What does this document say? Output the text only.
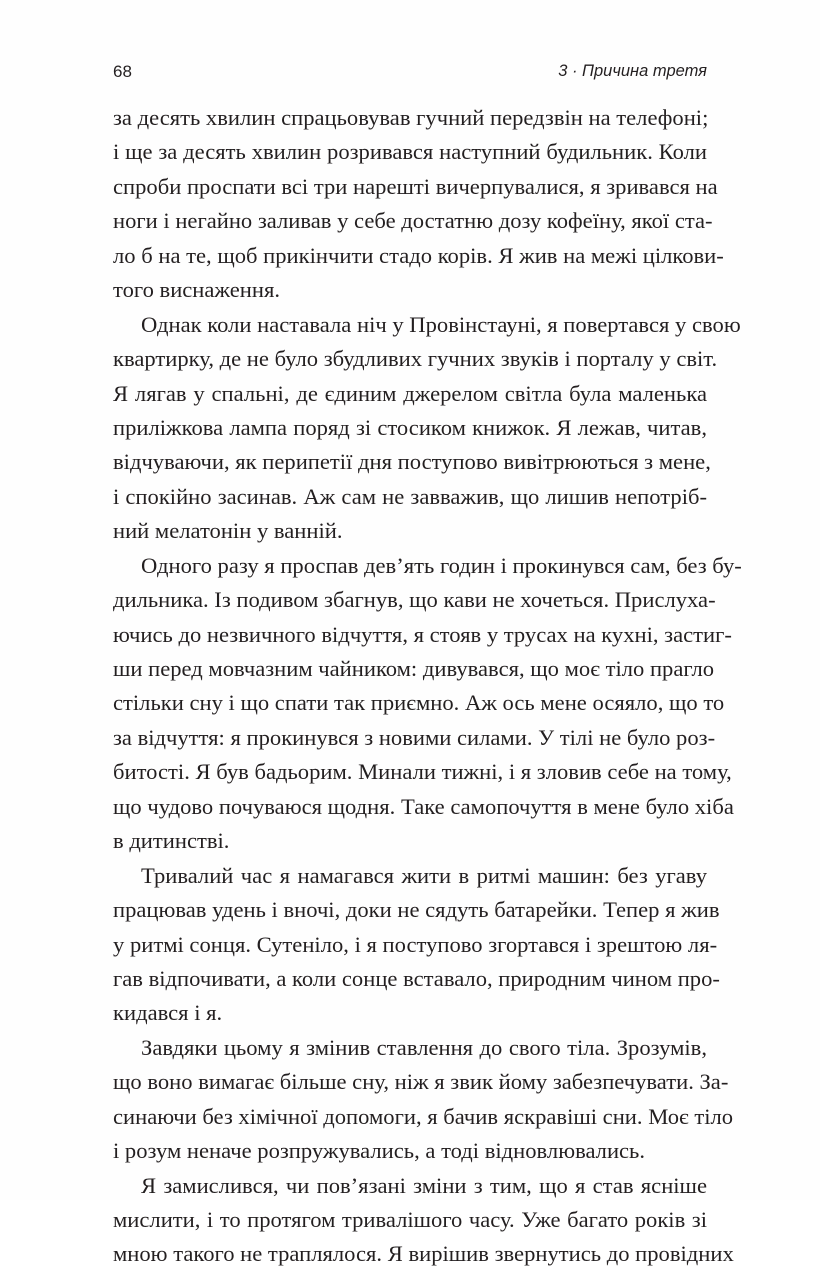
68	3 · Причина третя
за десять хвилин спрацьовував гучний передзвін на телефоні;
і ще за десять хвилин розривався наступний будильник. Коли
спроби проспати всі три нарешті вичерпувалися, я зривався на
ноги і негайно заливав у себе достатню дозу кофеїну, якої ста-
ло б на те, щоб прикінчити стадо корів. Я жив на межі цілкови-
того виснаження.
Однак коли наставала ніч у Провінстауні, я повертався у свою
квартирку, де не було збудливих гучних звуків і порталу у світ.
Я лягав у спальні, де єдиним джерелом світла була маленька
приліжкова лампа поряд зі стосиком книжок. Я лежав, читав,
відчуваючи, як перипетії дня поступово вивітрюються з мене,
і спокійно засинав. Аж сам не завважив, що лишив непотріб-
ний мелатонін у ванній.
Одного разу я проспав дев’ять годин і прокинувся сам, без бу-
дильника. Із подивом збагнув, що кави не хочеться. Прислуха-
ючись до незвичного відчуття, я стояв у трусах на кухні, застиг-
ши перед мовчазним чайником: дивувався, що моє тіло прагло
стільки сну і що спати так приємно. Аж ось мене осяяло, що то
за відчуття: я прокинувся з новими силами. У тілі не було роз-
битості. Я був бадьорим. Минали тижні, і я зловив себе на тому,
що чудово почуваюся щодня. Таке самопочуття в мене було хіба
в дитинстві.
Тривалий час я намагався жити в ритмі машин: без угаву
працював удень і вночі, доки не сядуть батарейки. Тепер я жив
у ритмі сонця. Сутеніло, і я поступово згортався і зрештою ля-
гав відпочивати, а коли сонце вставало, природним чином про-
кидався і я.
Завдяки цьому я змінив ставлення до свого тіла. Зрозумів,
що воно вимагає більше сну, ніж я звик йому забезпечувати. За-
синаючи без хімічної допомоги, я бачив яскравіші сни. Моє тіло
і розум неначе розпружувались, а тоді відновлювались.
Я замислився, чи пов’язані зміни з тим, що я став ясніше
мислити, і то протягом тривалішого часу. Уже багато років зі
мною такого не траплялося. Я вирішив звернутись до провідних
